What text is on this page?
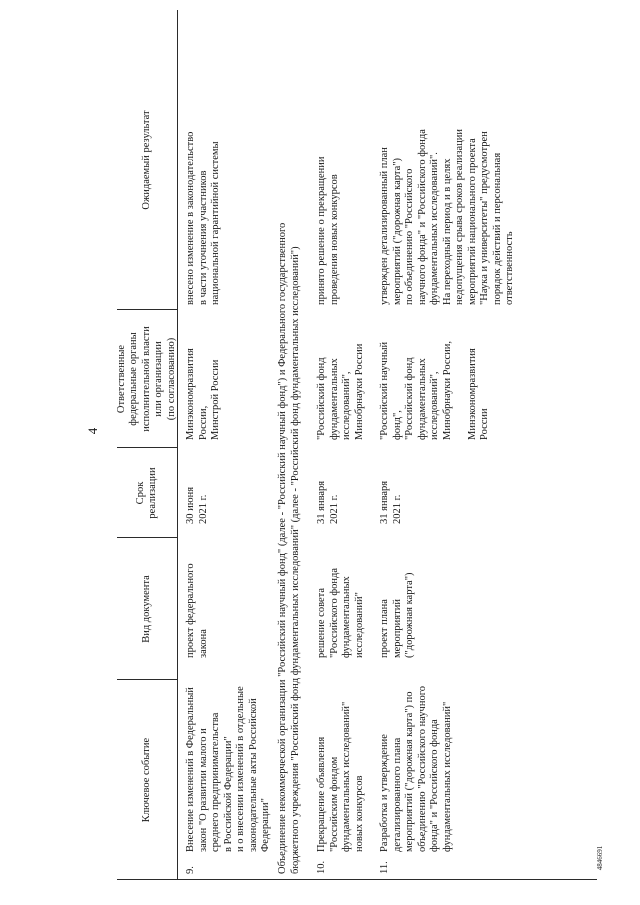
4
Ключевое событие
Вид документа
Срок
реализации
Ответственные
федеральные органы
исполнительной власти
или организации
(по согласованию)
Ожидаемый результат
9.
Внесение изменений в Федеральный
закон "О развитии малого и
среднего предпринимательства
в Российской Федерации"
и о внесении изменений в отдельные
законодательные акты Российской
Федерации"
проект федерального
закона
30 июня
2021 г.
Минэкономразвития
России,
Минстрой России
внесено изменение в законодательство
в части уточнения участников
национальной гарантийной системы
Объединение некоммерческой организации "Российский научный фонд" (далее - "Российский научный фонд") и Федерального государственного
бюджетного учреждения "Российский фонд фундаментальных исследований" (далее - "Российский фонд фундаментальных исследований")
10.
Прекращение объявления
"Российским фондом
фундаментальных исследований"
новых конкурсов
решение совета
"Российского фонда
фундаментальных
исследований"
31 января
2021 г.
"Российский фонд
фундаментальных
исследований",
Минобрнауки России
принято решение о прекращении
проведения новых конкурсов
11.
Разработка и утверждение
детализированного плана
мероприятий ("дорожная карта") по
объединению "Российского научного
фонда" и "Российского фонда
фундаментальных исследований"
проект плана
мероприятий
("дорожная карта")
31 января
2021 г.
"Российский научный
фонд",
"Российский фонд
фундаментальных
исследований",
Минобрнауки России,

Минэкономразвития
России
утвержден детализированный план
мероприятий ("дорожная карта")
по объединению "Российского
научного фонда" и "Российского фонда
фундаментальных исследований".
На переходный период и в целях
недопущения срыва сроков реализации
мероприятий национального проекта
"Наука и университеты" предусмотрен
порядок действий и персональная
ответственность
4846691
